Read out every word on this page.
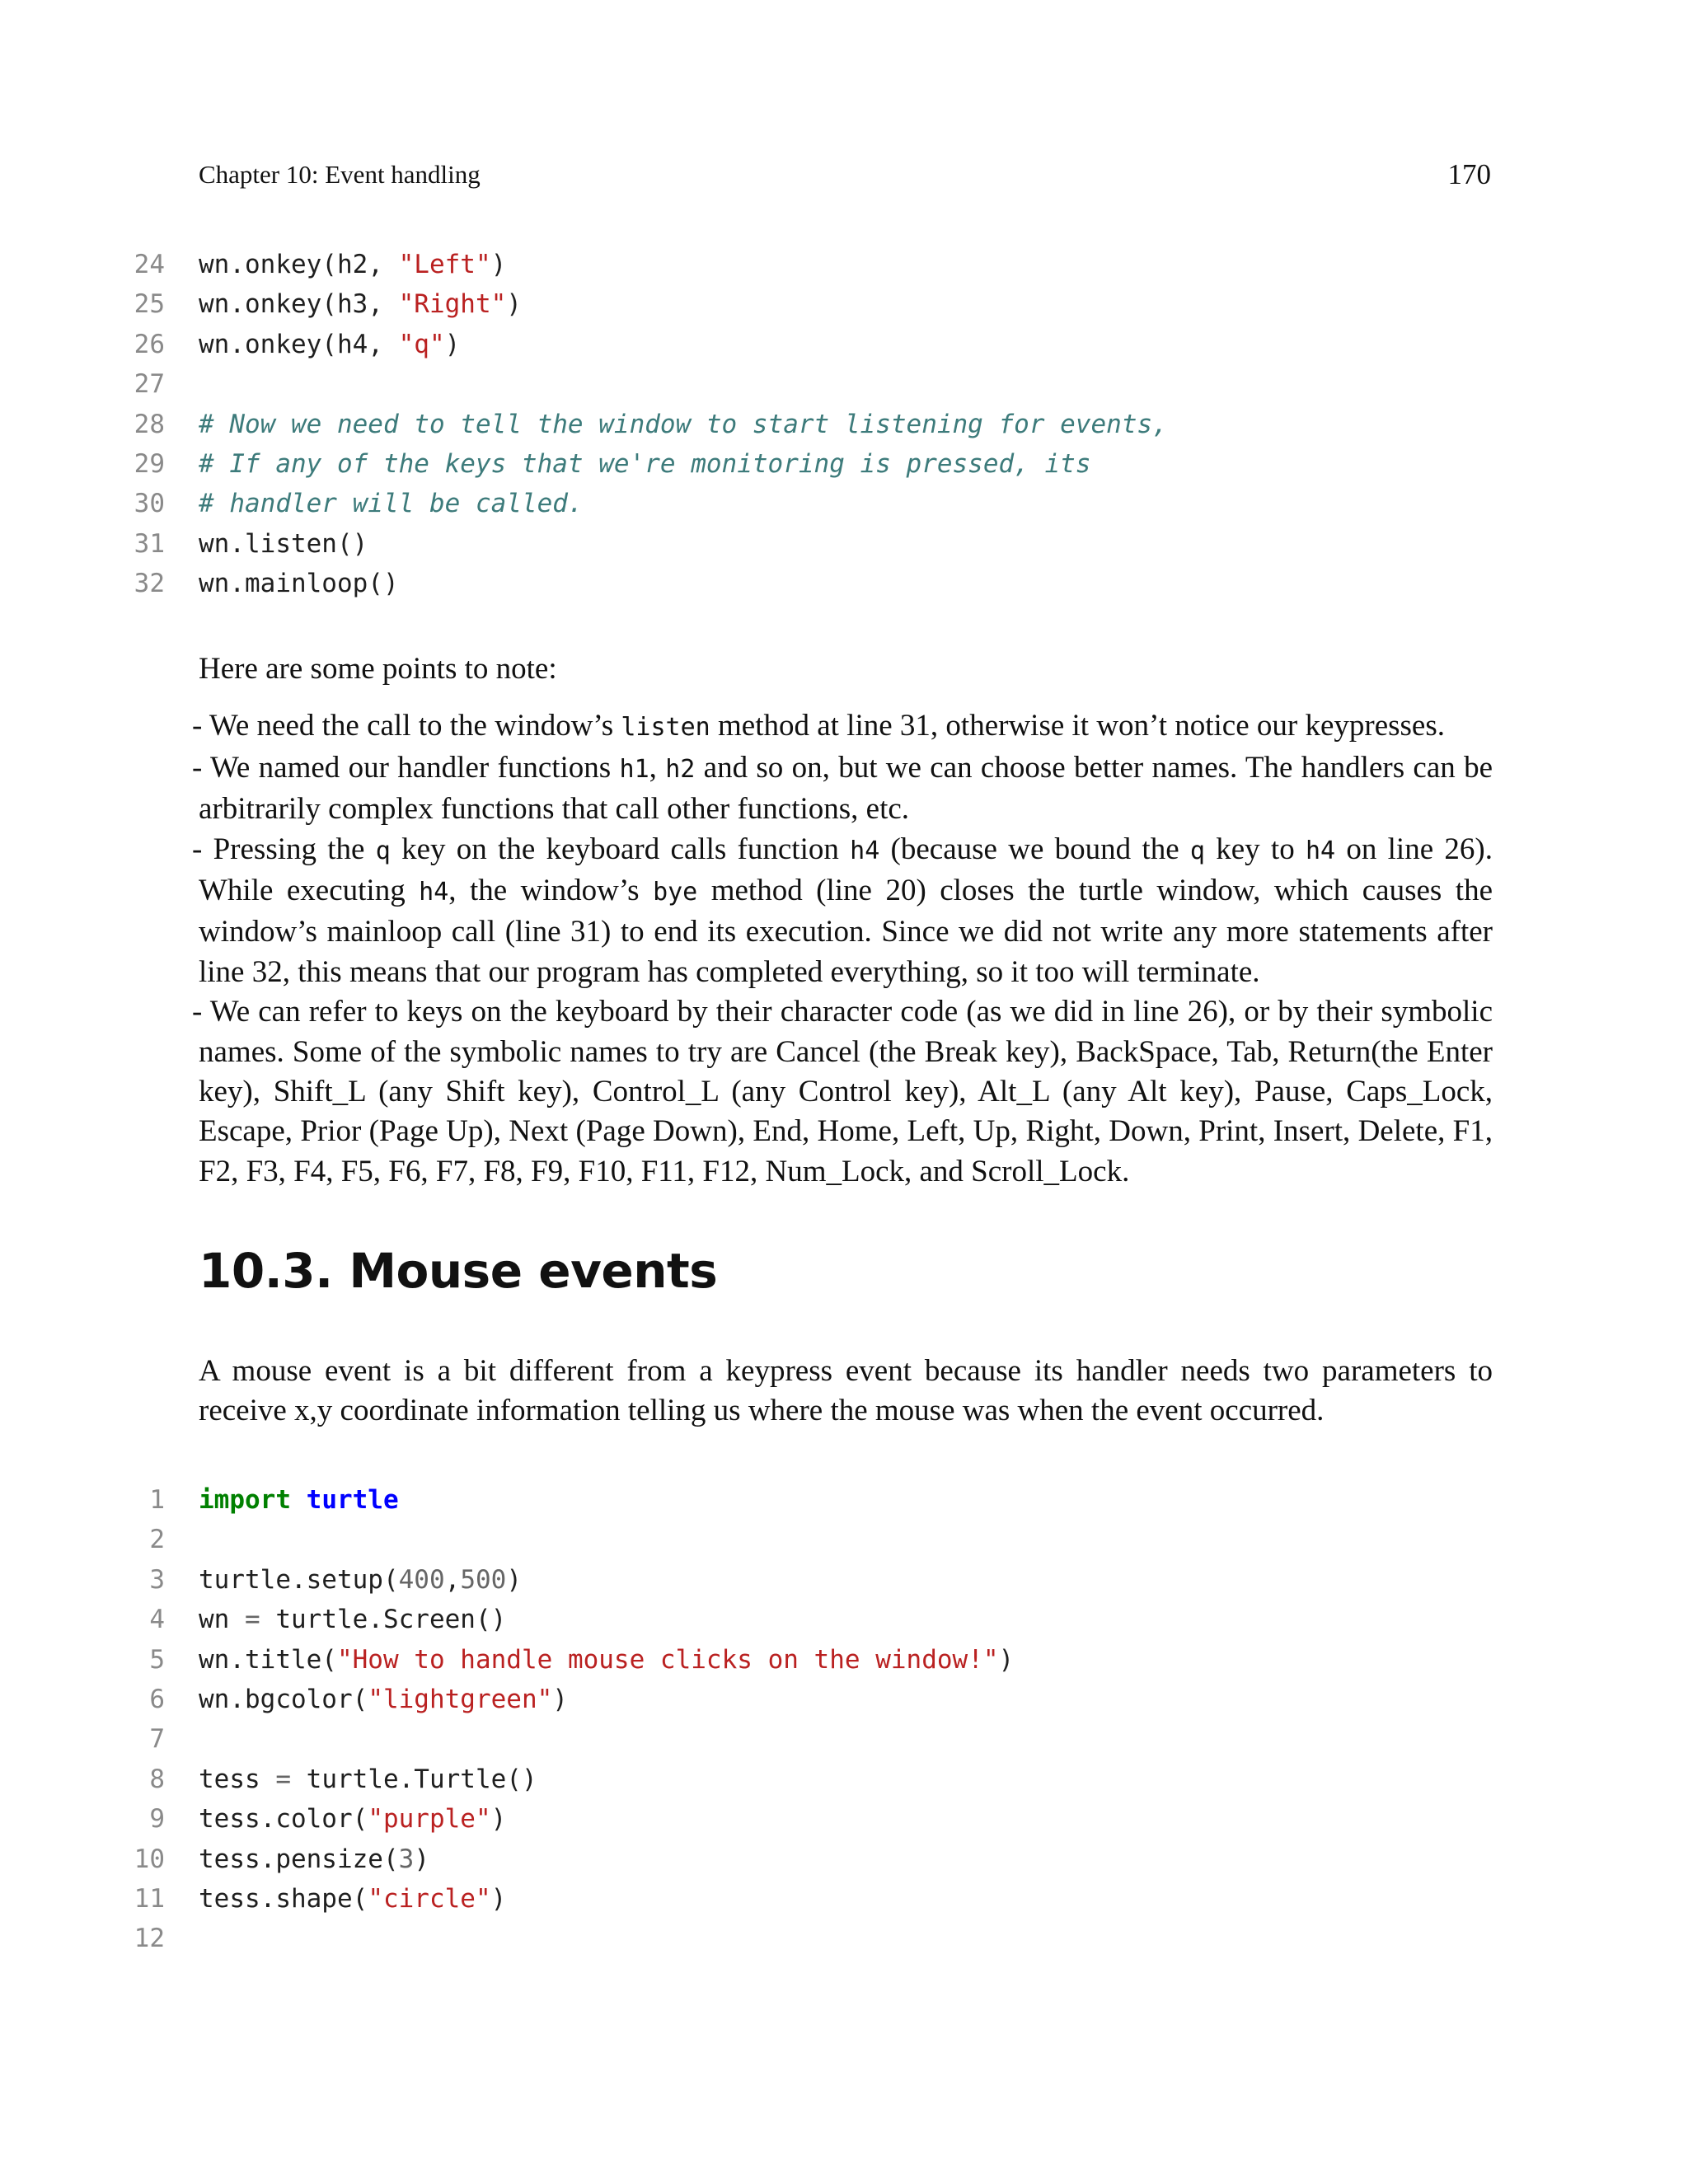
Chapter 10: Event handling	170
24 wn.onkey(h2, "Left")
25 wn.onkey(h3, "Right")
26 wn.onkey(h4, "q")
27
28 # Now we need to tell the window to start listening for events,
29 # If any of the keys that we're monitoring is pressed, its
30 # handler will be called.
31 wn.listen()
32 wn.mainloop()

Here are some points to note:

- We need the call to the window’s listen method at line 31, otherwise it won’t notice our keypresses.
- We named our handler functions h1, h2 and so on, but we can choose better names. The handlers can be arbitrarily complex functions that call other functions, etc.
- Pressing the q key on the keyboard calls function h4 (because we bound the q key to h4 on line 26). While executing h4, the window’s bye method (line 20) closes the turtle window, which causes the window’s mainloop call (line 31) to end its execution. Since we did not write any more statements after line 32, this means that our program has completed everything, so it too will terminate.
- We can refer to keys on the keyboard by their character code (as we did in line 26), or by their symbolic names. Some of the symbolic names to try are Cancel (the Break key), BackSpace, Tab, Return(the Enter key), Shift_L (any Shift key), Control_L (any Control key), Alt_L (any Alt key), Pause, Caps_Lock, Escape, Prior (Page Up), Next (Page Down), End, Home, Left, Up, Right, Down, Print, Insert, Delete, F1, F2, F3, F4, F5, F6, F7, F8, F9, F10, F11, F12, Num_Lock, and Scroll_Lock.
10.3. Mouse events

A mouse event is a bit different from a keypress event because its handler needs two parameters to receive x,y coordinate information telling us where the mouse was when the event occurred.

1 import turtle
2
3 turtle.setup(400,500)
4 wn = turtle.Screen()
5 wn.title("How to handle mouse clicks on the window!")
6 wn.bgcolor("lightgreen")
7
8 tess = turtle.Turtle()
9 tess.color("purple")
10 tess.pensize(3)
11 tess.shape("circle")
12
